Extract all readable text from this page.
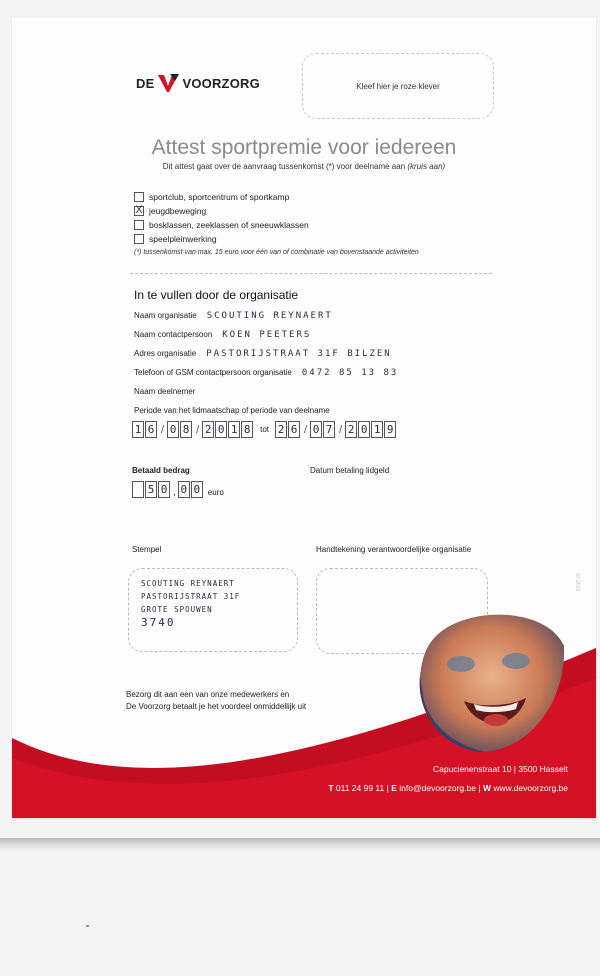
DE VOORZORG	Kleef hier je roze klever
Attest sportpremie voor iedereen
Dit attest gaat over de aanvraag tussenkomst (*) voor deelname aan (kruis aan)
sportclub, sportcentrum of sportkamp
X jeugdbeweging
bosklassen, zeeklassen of sneeuwklassen
speelpleinwerking
(*) tussenkomst van max. 15 euro voor één van of combinatie van bovenstaande activiteiten
In te vullen door de organisatie
Naam organisatie SCOUTING REYNAERT
Naam contactpersoon KOEN PEETERS
Adres organisatie PASTORIJSTRAAT 31F BILZEN
Telefoon of GSM contactpersoon organisatie 0472 85 13 83
Naam deelnemer
Periode van het lidmaatschap of periode van deelname
1 6 / 0 8 / 2 0 1 8	tot 2 6 / 0 7 / 2 0 1 9
Betaald bedrag	Datum betaling lidgeld
5 0 , 0 0 euro
Stempel	Handtekening verantwoordelijke organisatie
SCOUTING REYNAERT
PASTORIJSTRAAT 31F
GROTE SPOUWEN
3740
07-2016
Bezorg dit aan een van onze medewerkers en
De Voorzorg betaalt je het voordeel onmiddellijk uit
Capucienenstraat 10 | 3500 Hasselt
T 011 24 99 11 | E info@devoorzorg.be | W www.devoorzorg.be
